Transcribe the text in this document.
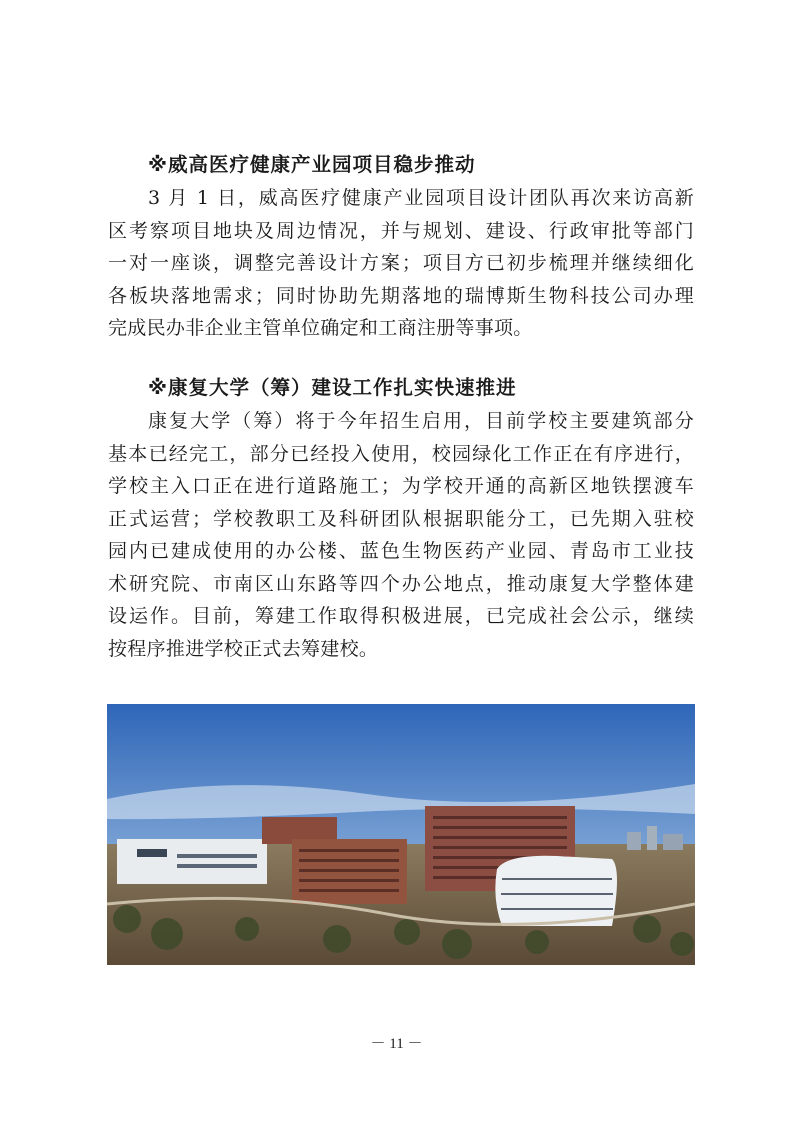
※威高医疗健康产业园项目稳步推动
3 月 1 日，威高医疗健康产业园项目设计团队再次来访高新
区考察项目地块及周边情况，并与规划、建设、行政审批等部门
一对一座谈，调整完善设计方案；项目方已初步梳理并继续细化
各板块落地需求；同时协助先期落地的瑞博斯生物科技公司办理
完成民办非企业主管单位确定和工商注册等事项。
※康复大学（筹）建设工作扎实快速推进
康复大学（筹）将于今年招生启用，目前学校主要建筑部分
基本已经完工，部分已经投入使用，校园绿化工作正在有序进行，
学校主入口正在进行道路施工；为学校开通的高新区地铁摆渡车
正式运营；学校教职工及科研团队根据职能分工，已先期入驻校
园内已建成使用的办公楼、蓝色生物医药产业园、青岛市工业技
术研究院、市南区山东路等四个办公地点，推动康复大学整体建
设运作。目前，筹建工作取得积极进展，已完成社会公示，继续
按程序推进学校正式去筹建校。
－ 11 －
